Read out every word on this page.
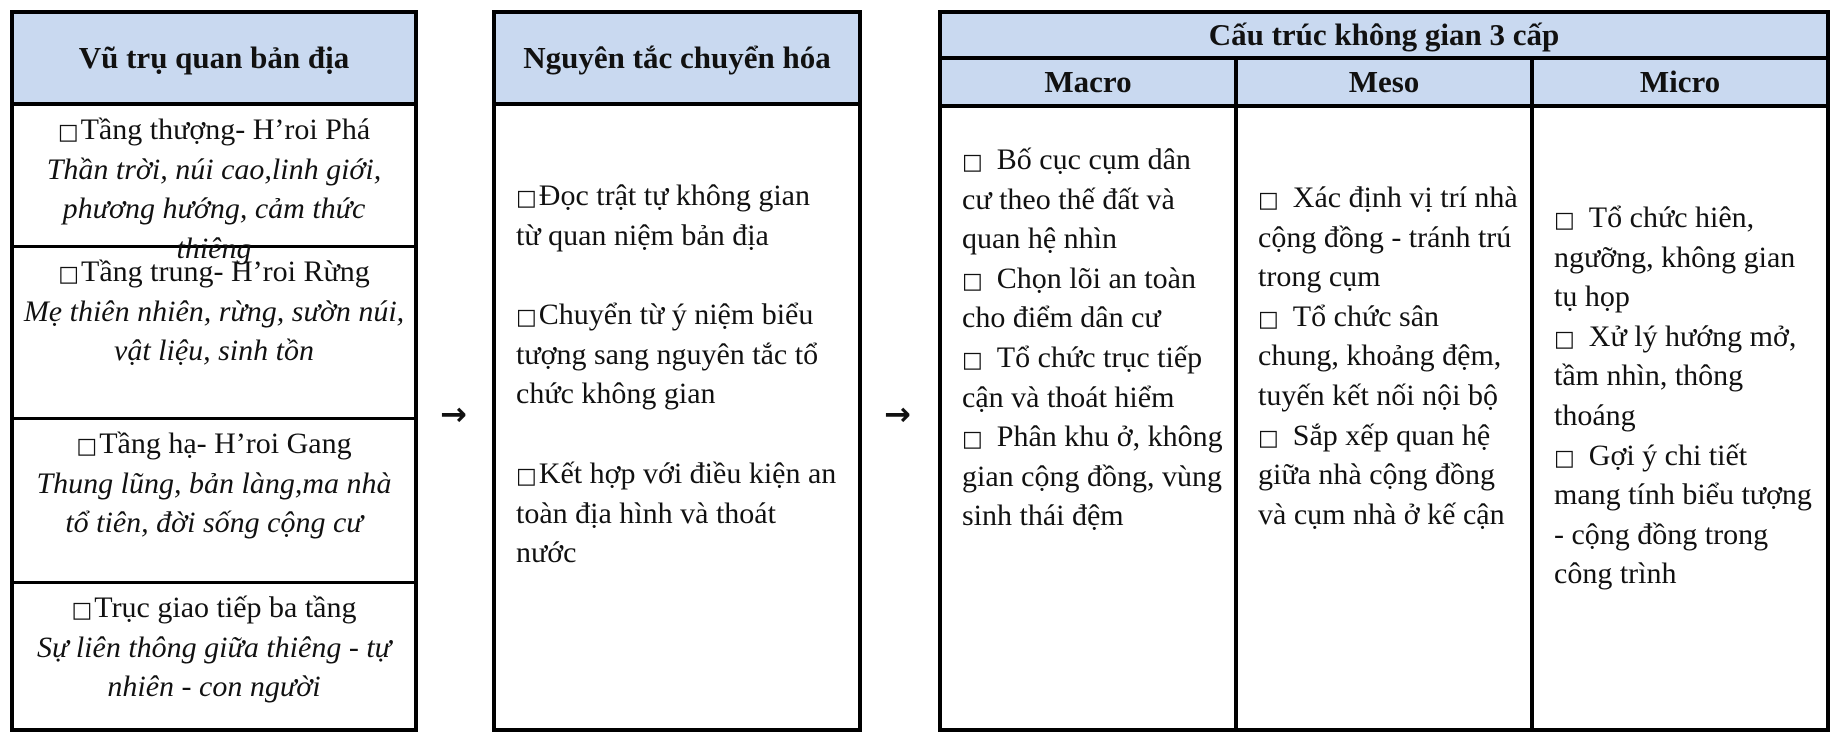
Vũ trụ quan bản địa
□Tầng thượng- H’roi Phá
Thần trời, núi cao,linh giới, phương hướng, cảm thức thiêng
□Tầng trung- H’roi Rừng
Mẹ thiên nhiên, rừng, sườn núi, vật liệu, sinh tồn
□Tầng hạ- H’roi Gang
Thung lũng, bản làng,ma nhà tổ tiên, đời sống cộng cư
□Trục giao tiếp ba tầng
Sự liên thông giữa thiêng - tự nhiên - con người
→
Nguyên tắc chuyển hóa
□Đọc trật tự không gian từ quan niệm bản địa
□Chuyển từ ý niệm biểu tượng sang nguyên tắc tổ chức không gian
□Kết hợp với điều kiện an toàn địa hình và thoát nước
→
Cấu trúc không gian 3 cấp
Macro	Meso	Micro
□ Bố cục cụm dân cư theo thế đất và quan hệ nhìn
□ Chọn lõi an toàn cho điểm dân cư
□ Tổ chức trục tiếp cận và thoát hiểm
□ Phân khu ở, không gian cộng đồng, vùng sinh thái đệm
□ Xác định vị trí nhà cộng đồng - tránh trú trong cụm
□ Tổ chức sân chung, khoảng đệm, tuyến kết nối nội bộ
□ Sắp xếp quan hệ giữa nhà cộng đồng và cụm nhà ở kế cận
□ Tổ chức hiên, ngưỡng, không gian tụ họp
□ Xử lý hướng mở, tầm nhìn, thông thoáng
□ Gợi ý chi tiết mang tính biểu tượng - cộng đồng trong công trình
